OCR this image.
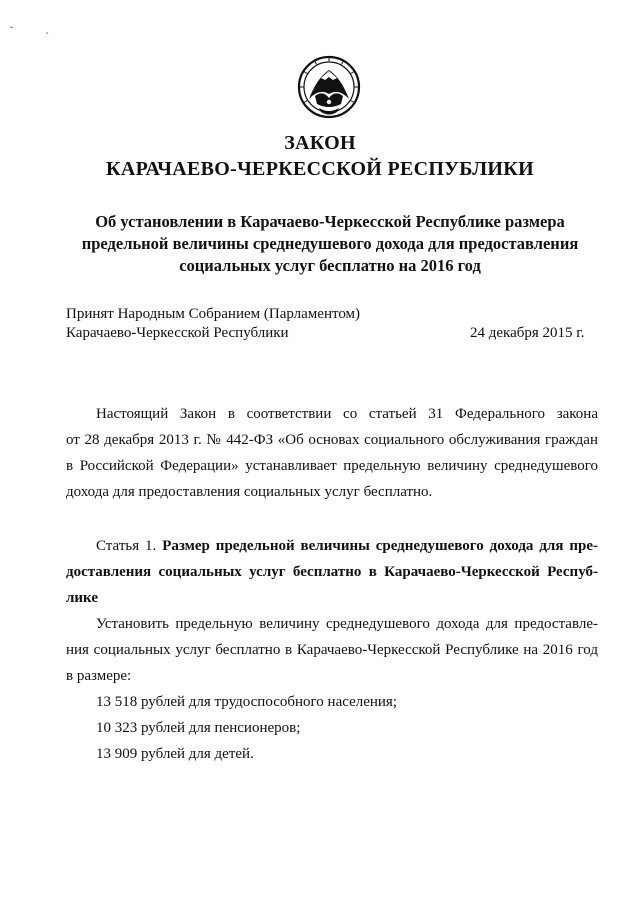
ˇ	˛
ЗАКОН
КАРАЧАЕВО-ЧЕРКЕССКОЙ РЕСПУБЛИКИ
Об установлении в Карачаево-Черкесской Республике размера
предельной величины среднедушевого дохода для предоставления
социальных услуг бесплатно на 2016 год
Принят Народным Собранием (Парламентом)
Карачаево-Черкесской Республики	24 декабря 2015 г.
Настоящий Закон в соответствии со статьей 31 Федерального закона
от 28 декабря 2013 г. № 442-ФЗ «Об основах социального обслуживания граждан
в Российской Федерации» устанавливает предельную величину среднедушевого
дохода для предоставления социальных услуг бесплатно.
Статья 1. Размер предельной величины среднедушевого дохода для пре-
доставления социальных услуг бесплатно в Карачаево-Черкесской Респуб-
лике
Установить предельную величину среднедушевого дохода для предоставле-
ния социальных услуг бесплатно в Карачаево-Черкесской Республике на 2016 год
в размере:
13 518 рублей для трудоспособного населения;
10 323 рублей для пенсионеров;
13 909 рублей для детей.
